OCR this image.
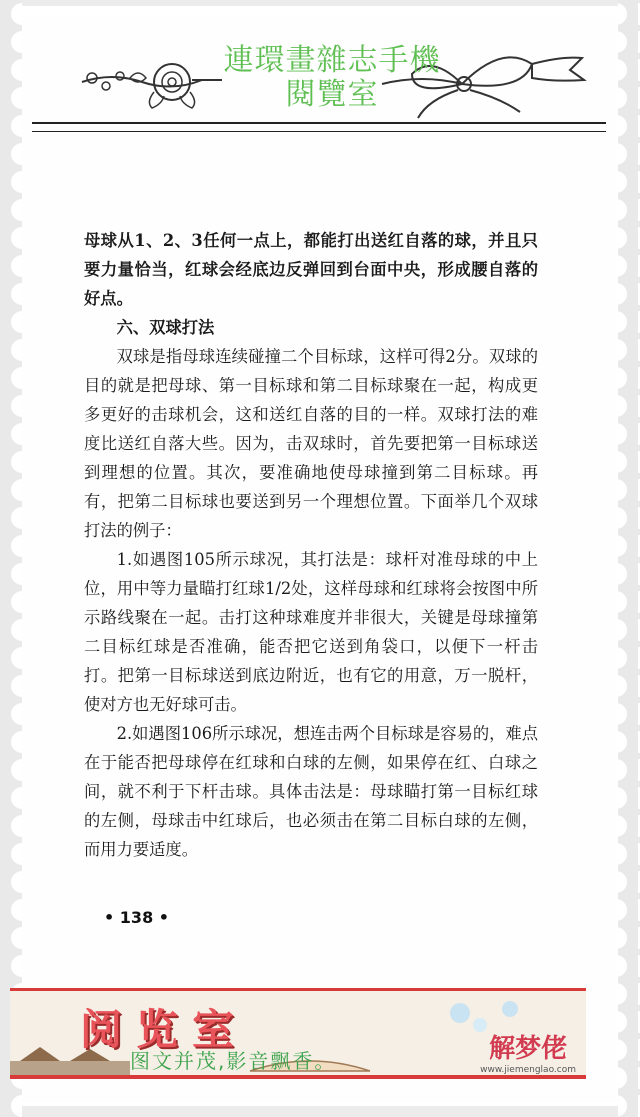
連環畫雜志手機閱覽室

母球从1、2、3任何一点上，都能打出送红自落的球，并且只要力量恰当，红球会经底边反弹回到台面中央，形成腰自落的好点。

六、双球打法

双球是指母球连续碰撞二个目标球，这样可得2分。双球的目的就是把母球、第一目标球和第二目标球聚在一起，构成更多更好的击球机会，这和送红自落的目的一样。双球打法的难度比送红自落大些。因为，击双球时，首先要把第一目标球送到理想的位置。其次，要准确地使母球撞到第二目标球。再有，把第二目标球也要送到另一个理想位置。下面举几个双球打法的例子：

1.如遇图105所示球况，其打法是：球杆对准母球的中上位，用中等力量瞄打红球1/2处，这样母球和红球将会按图中所示路线聚在一起。击打这种球难度并非很大，关键是母球撞第二目标红球是否准确，能否把它送到角袋口，以便下一杆击打。把第一目标球送到底边附近，也有它的用意，万一脱杆，使对方也无好球可击。

2.如遇图106所示球况，想连击两个目标球是容易的，难点在于能否把母球停在红球和白球的左侧，如果停在红、白球之间，就不利于下杆击球。具体击法是：母球瞄打第一目标红球的左侧，母球击中红球后，也必须击在第二目标白球的左侧，而用力要适度。

• 138 •
阅览室
图文并茂,影音飘香。	解梦佬
www.jiemenglao.com
